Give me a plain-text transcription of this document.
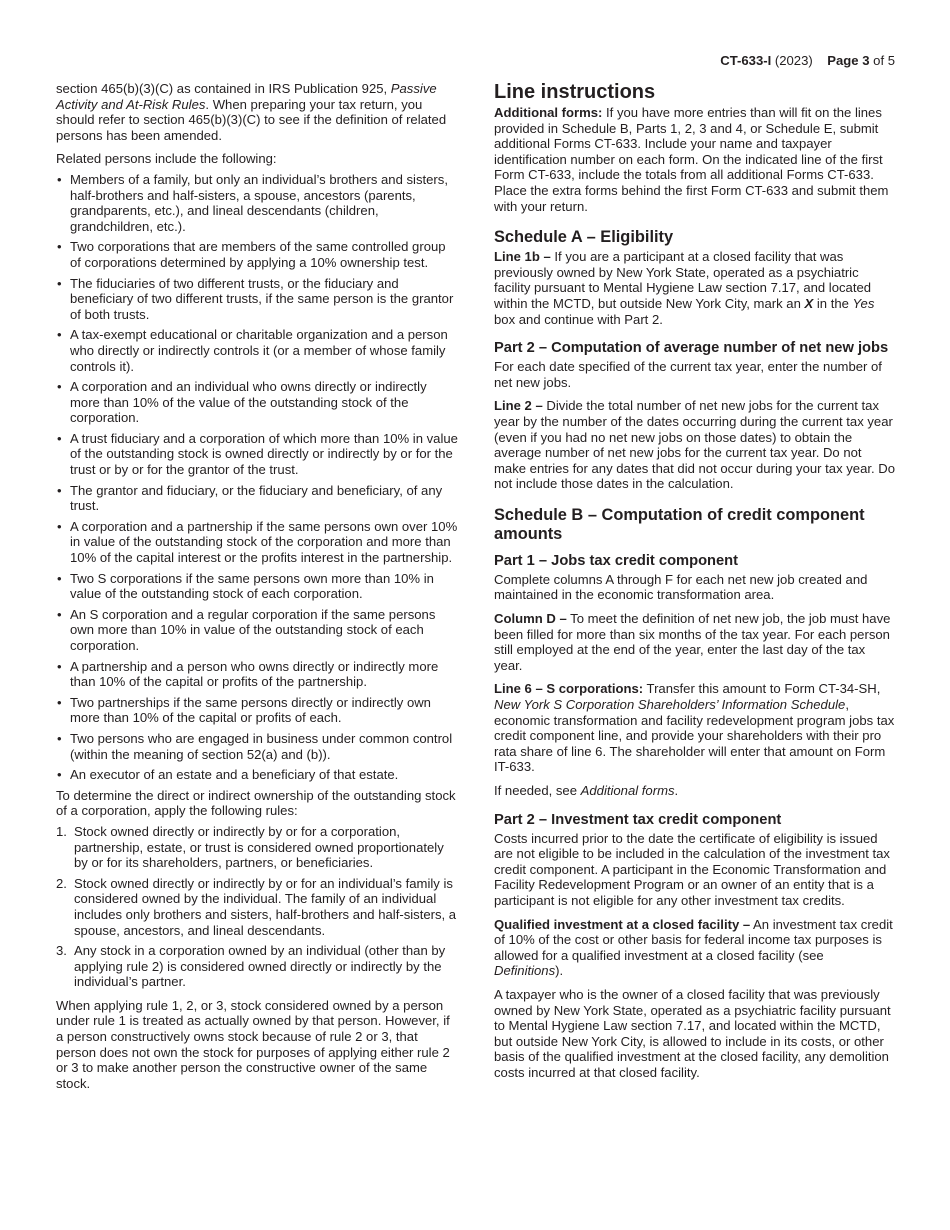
CT-633-I (2023) Page 3 of 5

section 465(b)(3)(C) as contained in IRS Publication 925, Passive Activity and At-Risk Rules. When preparing your tax return, you should refer to section 465(b)(3)(C) to see if the definition of related persons has been amended.

Related persons include the following:

• Members of a family, but only an individual’s brothers and sisters, half-brothers and half-sisters, a spouse, ancestors (parents, grandparents, etc.), and lineal descendants (children, grandchildren, etc.).
• Two corporations that are members of the same controlled group of corporations determined by applying a 10% ownership test.
• The fiduciaries of two different trusts, or the fiduciary and beneficiary of two different trusts, if the same person is the grantor of both trusts.
• A tax-exempt educational or charitable organization and a person who directly or indirectly controls it (or a member of whose family controls it).
• A corporation and an individual who owns directly or indirectly more than 10% of the value of the outstanding stock of the corporation.
• A trust fiduciary and a corporation of which more than 10% in value of the outstanding stock is owned directly or indirectly by or for the trust or by or for the grantor of the trust.
• The grantor and fiduciary, or the fiduciary and beneficiary, of any trust.
• A corporation and a partnership if the same persons own over 10% in value of the outstanding stock of the corporation and more than 10% of the capital interest or the profits interest in the partnership.
• Two S corporations if the same persons own more than 10% in value of the outstanding stock of each corporation.
• An S corporation and a regular corporation if the same persons own more than 10% in value of the outstanding stock of each corporation.
• A partnership and a person who owns directly or indirectly more than 10% of the capital or profits of the partnership.
• Two partnerships if the same persons directly or indirectly own more than 10% of the capital or profits of each.
• Two persons who are engaged in business under common control (within the meaning of section 52(a) and (b)).
• An executor of an estate and a beneficiary of that estate.

To determine the direct or indirect ownership of the outstanding stock of a corporation, apply the following rules:

1. Stock owned directly or indirectly by or for a corporation, partnership, estate, or trust is considered owned proportionately by or for its shareholders, partners, or beneficiaries.
2. Stock owned directly or indirectly by or for an individual’s family is considered owned by the individual. The family of an individual includes only brothers and sisters, half-brothers and half-sisters, a spouse, ancestors, and lineal descendants.
3. Any stock in a corporation owned by an individual (other than by applying rule 2) is considered owned directly or indirectly by the individual’s partner.

When applying rule 1, 2, or 3, stock considered owned by a person under rule 1 is treated as actually owned by that person. However, if a person constructively owns stock because of rule 2 or 3, that person does not own the stock for purposes of applying either rule 2 or 3 to make another person the constructive owner of the same stock.

Line instructions

Additional forms: If you have more entries than will fit on the lines provided in Schedule B, Parts 1, 2, 3 and 4, or Schedule E, submit additional Forms CT-633. Include your name and taxpayer identification number on each form. On the indicated line of the first Form CT-633, include the totals from all additional Forms CT-633. Place the extra forms behind the first Form CT-633 and submit them with your return.

Schedule A – Eligibility

Line 1b – If you are a participant at a closed facility that was previously owned by New York State, operated as a psychiatric facility pursuant to Mental Hygiene Law section 7.17, and located within the MCTD, but outside New York City, mark an X in the Yes box and continue with Part 2.

Part 2 – Computation of average number of net new jobs

For each date specified of the current tax year, enter the number of net new jobs.

Line 2 – Divide the total number of net new jobs for the current tax year by the number of the dates occurring during the current tax year (even if you had no net new jobs on those dates) to obtain the average number of net new jobs for the current tax year. Do not make entries for any dates that did not occur during your tax year. Do not include those dates in the calculation.

Schedule B – Computation of credit component amounts
Part 1 – Jobs tax credit component

Complete columns A through F for each net new job created and maintained in the economic transformation area.

Column D – To meet the definition of net new job, the job must have been filled for more than six months of the tax year. For each person still employed at the end of the year, enter the last day of the tax year.

Line 6 – S corporations: Transfer this amount to Form CT-34-SH, New York S Corporation Shareholders’ Information Schedule, economic transformation and facility redevelopment program jobs tax credit component line, and provide your shareholders with their pro rata share of line 6. The shareholder will enter that amount on Form IT-633.

If needed, see Additional forms.

Part 2 – Investment tax credit component

Costs incurred prior to the date the certificate of eligibility is issued are not eligible to be included in the calculation of the investment tax credit component. A participant in the Economic Transformation and Facility Redevelopment Program or an owner of an entity that is a participant is not eligible for any other investment tax credits.

Qualified investment at a closed facility – An investment tax credit of 10% of the cost or other basis for federal income tax purposes is allowed for a qualified investment at a closed facility (see Definitions).

A taxpayer who is the owner of a closed facility that was previously owned by New York State, operated as a psychiatric facility pursuant to Mental Hygiene Law section 7.17, and located within the MCTD, but outside New York City, is allowed to include in its costs, or other basis of the qualified investment at the closed facility, any demolition costs incurred at that closed facility.
